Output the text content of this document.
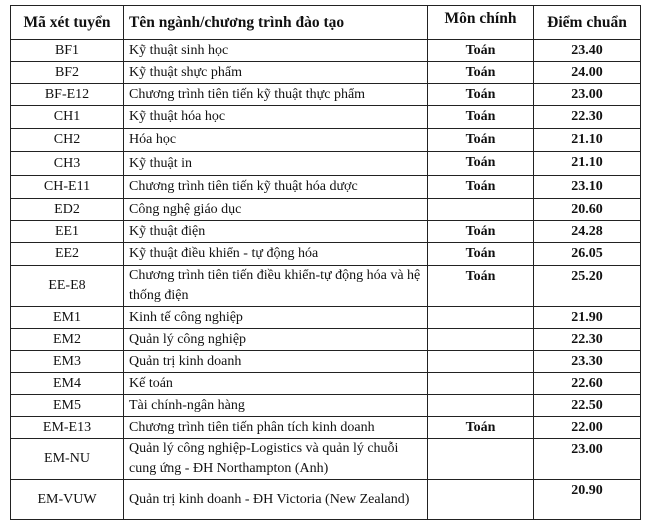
Mã xét tuyển	Tên ngành/chương trình đào tạo	Môn chính	Điểm chuẩn
BF1	Kỹ thuật sinh học	Toán	23.40
BF2	Kỹ thuật shực phẩm	Toán	24.00
BF-E12	Chương trình tiên tiến kỹ thuật thực phẩm	Toán	23.00
CH1	Kỹ thuật hóa học	Toán	22.30
CH2	Hóa học	Toán	21.10
CH3	Kỹ thuật in	Toán	21.10
CH-E11	Chương trình tiên tiến kỹ thuật hóa dược	Toán	23.10
ED2	Công nghệ giáo dục		20.60
EE1	Kỹ thuật điện	Toán	24.28
EE2	Kỹ thuật điều khiển - tự động hóa	Toán	26.05
EE-E8	Chương trình tiên tiến điều khiển-tự động hóa và hệ thống điện	Toán	25.20
EM1	Kinh tế công nghiệp		21.90
EM2	Quản lý công nghiệp		22.30
EM3	Quản trị kinh doanh		23.30
EM4	Kế toán		22.60
EM5	Tài chính-ngân hàng		22.50
EM-E13	Chương trình tiên tiến phân tích kinh doanh	Toán	22.00
EM-NU	Quản lý công nghiệp-Logistics và quản lý chuỗi cung ứng - ĐH Northampton (Anh)		23.00
EM-VUW	Quản trị kinh doanh - ĐH Victoria (New Zealand)		20.90
